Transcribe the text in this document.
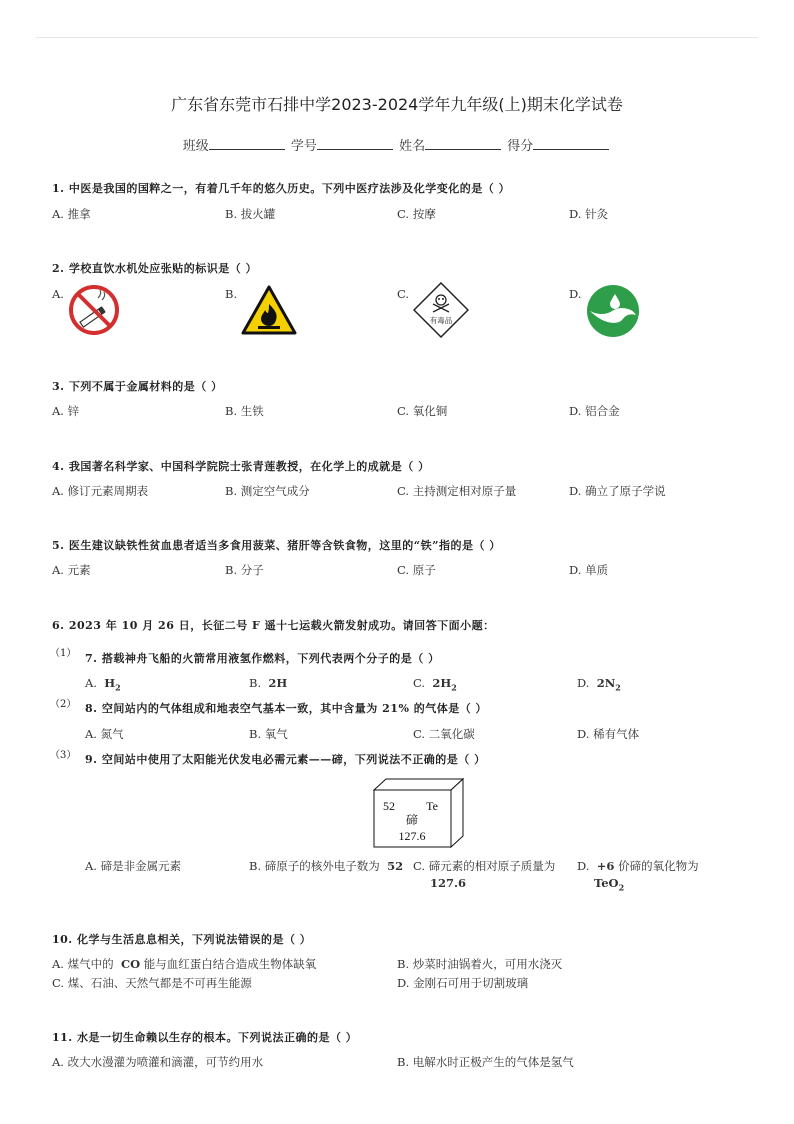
广东省东莞市石排中学2023-2024学年九年级(上)期末化学试卷
班级	学号	姓名	得分
1. 中医是我国的国粹之一，有着几千年的悠久历史。下列中医疗法涉及化学变化的是（ ）
A. 推拿	B. 拔火罐	C. 按摩	D. 针灸
2. 学校直饮水机处应张贴的标识是（ ）
A.	B.	C.	D.
有毒品
3. 下列不属于金属材料的是（ ）
A. 锌	B. 生铁	C. 氧化铜	D. 铝合金
4. 我国著名科学家、中国科学院院士张青莲教授，在化学上的成就是（ ）
A. 修订元素周期表	B. 测定空气成分	C. 主持测定相对原子量	D. 确立了原子学说
5. 医生建议缺铁性贫血患者适当多食用菠菜、猪肝等含铁食物，这里的“铁”指的是（ ）
A. 元素	B. 分子	C. 原子	D. 单质
6. 2023 年 10 月 26 日，长征二号 F 遥十七运载火箭发射成功。请回答下面小题：
（1） 7. 搭载神舟飞船的火箭常用液氢作燃料，下列代表两个分子的是（ ）
A. $H_2$	B. 2H	C. $2H_2$	D. $2N_2$
（2） 8. 空间站内的气体组成和地表空气基本一致，其中含量为 21% 的气体是（ ）
A. 氮气	B. 氧气	C. 二氧化碳	D. 稀有气体
（3） 9. 空间站中使用了太阳能光伏发电必需元素——碲，下列说法不正确的是（ ）
52	Te
碲
127.6
A. 碲是非金属元素	B. 碲原子的核外电子数为 52 C. 碲元素的相对原子质量为
127.6
D. +6 价碲的氧化物为
TeO$_2$
10. 化学与生活息息相关，下列说法错误的是（ ）
A. 煤气中的 CO 能与血红蛋白结合造成生物体缺氧	B. 炒菜时油锅着火，可用水浇灭
C. 煤、石油、天然气都是不可再生能源	D. 金刚石可用于切割玻璃
11. 水是一切生命赖以生存的根本。下列说法正确的是（ ）
A. 改大水漫灌为喷灌和滴灌，可节约用水	B. 电解水时正极产生的气体是氢气
